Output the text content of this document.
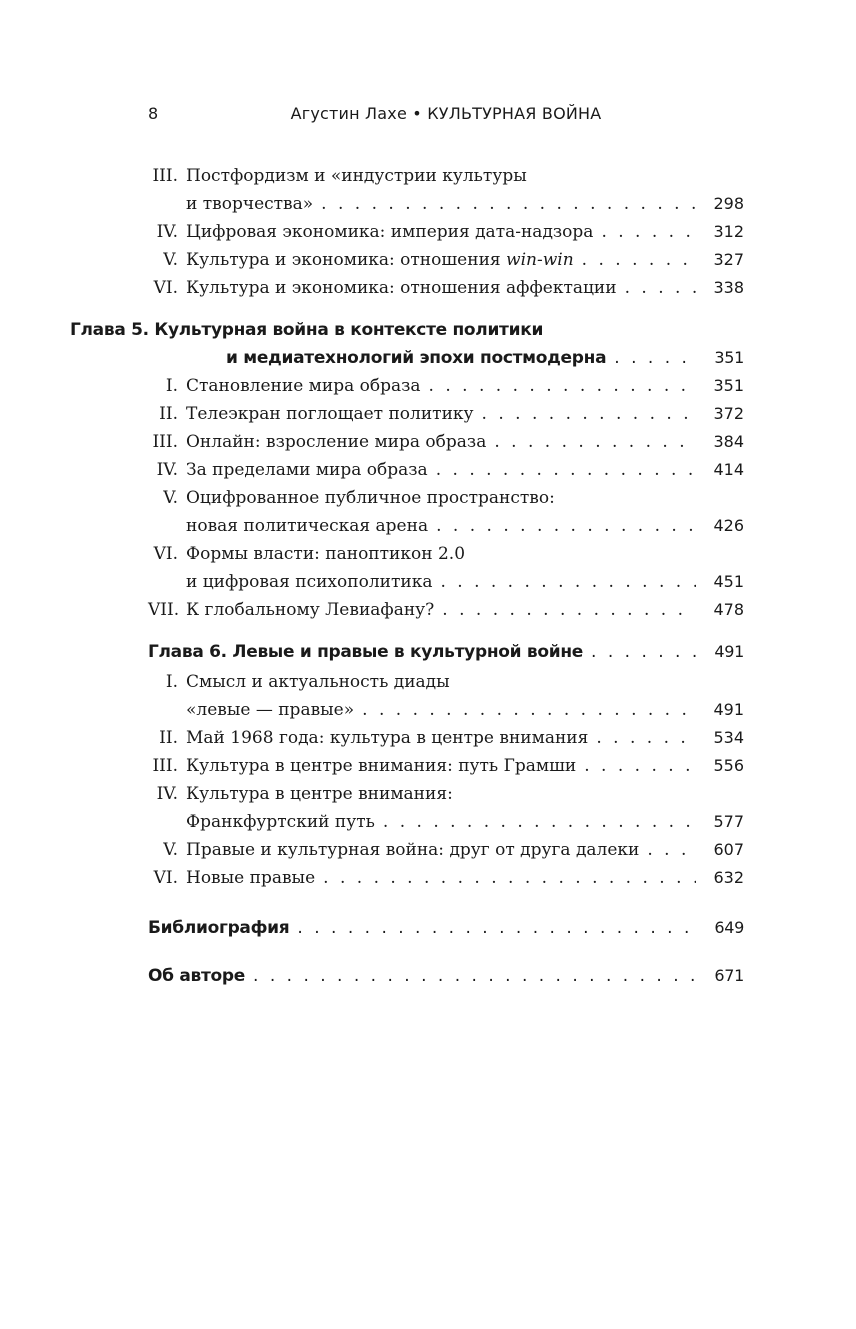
8	Агустин Лахе • КУЛЬТУРНАЯ ВОЙНА
III. Постфордизм и «индустрии культуры
и творчества» . . .	298
IV. Цифровая экономика: империя дата-надзора . . .	312
V. Культура и экономика: отношения win-win . . .	327
VI. Культура и экономика: отношения аффектации . . .	338
Глава 5. Культурная война в контексте политики
и медиатехнологий эпохи постмодерна . . .	351
I. Становление мира образа . . .	351
II. Телеэкран поглощает политику . . .	372
III. Онлайн: взросление мира образа . . .	384
IV. За пределами мира образа . . .	414
V. Оцифрованное публичное пространство:
новая политическая арена . . .	426
VI. Формы власти: паноптикон 2.0
и цифровая психополитика . . .	451
VII. К глобальному Левиафану? . . .	478
Глава 6. Левые и правые в культурной войне . . .	491
I. Смысл и актуальность диады
«левые — правые» . . .	491
II. Май 1968 года: культура в центре внимания . . .	534
III. Культура в центре внимания: путь Грамши . . .	556
IV. Культура в центре внимания:
Франкфуртский путь . . .	577
V. Правые и культурная война: друг от друга далеки . . .	607
VI. Новые правые . . .	632
Библиография . . .	649
Об авторе . . .	671
